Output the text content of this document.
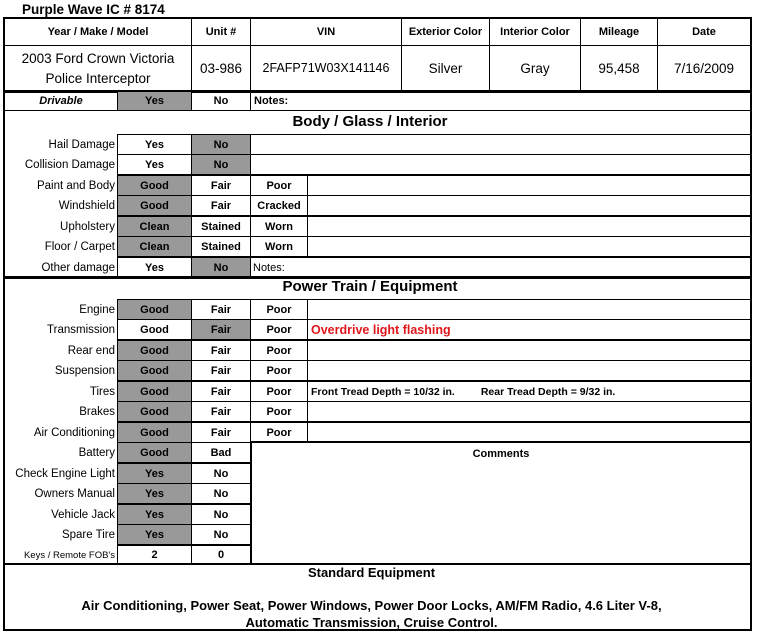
Purple Wave IC # 8174
Year / Make / Model	Unit #	VIN	Exterior Color	Interior Color	Mileage	Date
2003 Ford Crown Victoria
Police Interceptor
03-986	2FAFP71W03X141146	Silver	Gray	95,458	7/16/2009
Drivable	Yes	No	Notes:
Body / Glass / Interior
Hail Damage	Yes	No
Collision Damage	Yes	No
Paint and Body	Good	Fair	Poor
Windshield	Good	Fair	Cracked
Upholstery	Clean	Stained	Worn
Floor / Carpet	Clean	Stained	Worn
Other damage	Yes	No	Notes:
Power Train / Equipment
Engine	Good	Fair	Poor
Transmission	Good	Fair	Poor	Overdrive light flashing
Rear end	Good	Fair	Poor
Suspension	Good	Fair	Poor
Tires	Good	Fair	Poor	Front Tread Depth = 10/32 in. Rear Tread Depth = 9/32 in.
Brakes	Good	Fair	Poor
Air Conditioning	Good	Fair	Poor
Battery	Good	Bad
Check Engine Light	Yes	No
Owners Manual	Yes	No
Vehicle Jack	Yes	No
Spare Tire	Yes	No
Keys / Remote FOB's	2	0
Comments
Standard Equipment
Air Conditioning, Power Seat, Power Windows, Power Door Locks, AM/FM Radio, 4.6 Liter V-8,
Automatic Transmission, Cruise Control.
